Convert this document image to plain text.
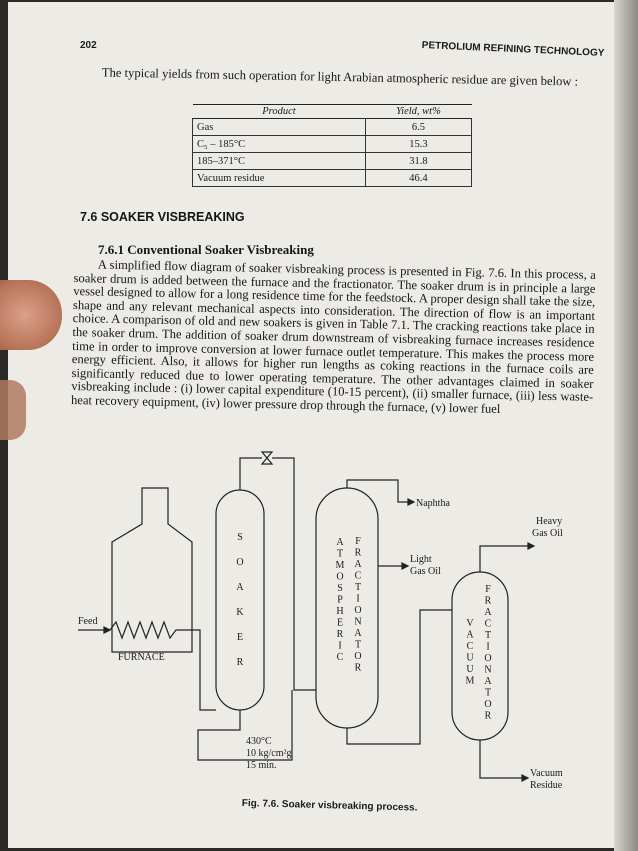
202	PETROLIUM REFINING TECHNOLOGY
The typical yields from such operation for light Arabian atmospheric residue are given below :
Product	Yield, wt%
Gas	6.5
C₅ – 185°C	15.3
185–371°C	31.8
Vacuum residue	46.4
7.6 SOAKER VISBREAKING
7.6.1 Conventional Soaker Visbreaking
A simplified flow diagram of soaker visbreaking process is presented in Fig. 7.6. In this process, a soaker drum is added between the furnace and the fractionator. The soaker drum is in principle a large vessel designed to allow for a long residence time for the feedstock. A proper design shall take the size, shape and any relevant mechanical aspects into consideration. The direction of flow is an important choice. A comparison of old and new soakers is given in Table 7.1. The cracking reactions take place in the soaker drum. The addition of soaker drum downstream of visbreaking furnace increases residence time in order to improve conversion at lower furnace outlet temperature. This makes the process more energy efficient. Also, it allows for higher run lengths as coking reactions in the furnace coils are significantly reduced due to lower operating temperature. The other advantages claimed in soaker visbreaking include : (i) lower capital expenditure (10-15 percent), (ii) smaller furnace, (iii) less waste-heat recovery equipment, (iv) lower pressure drop through the furnace, (v) lower fuel
Feed
FURNACE
S
O
A
K
E
R
A
T
M
O
S
P
H
E
R
I
C
F
R
A
C
T
I
O
N
A
T
O
R
V
A
C
U
U
M
F
R
A
C
T
I
O
N
A
T
O
R
Naphtha
Light
Gas Oil
Heavy
Gas Oil
Vacuum
Residue
430°C
10 kg/cm²g
15 min.
Fig. 7.6. Soaker visbreaking process.
